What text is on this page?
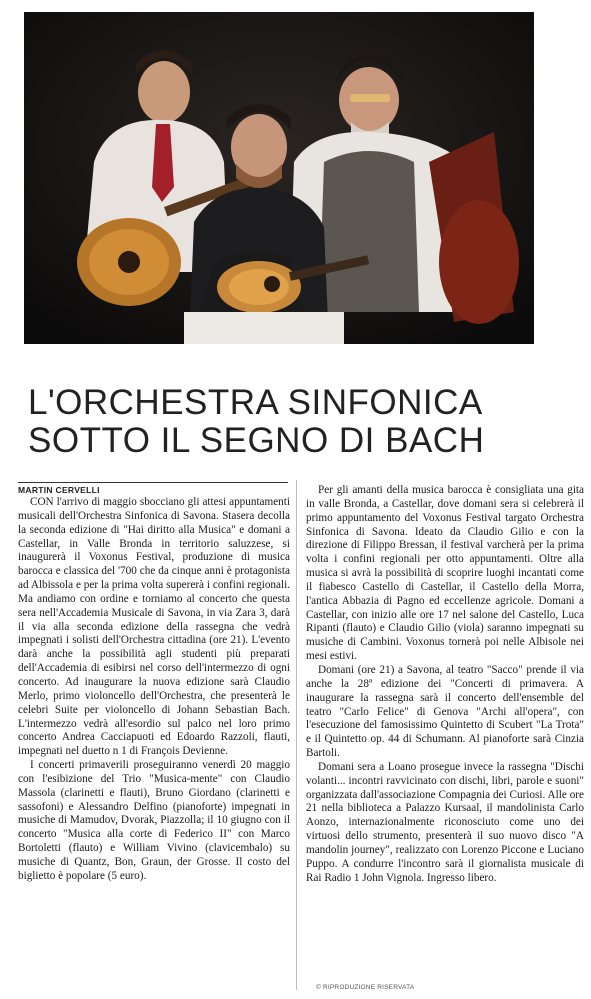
L'ORCHESTRA SINFONICA
SOTTO IL SEGNO DI BACH
MARTIN CERVELLI

CON l'arrivo di maggio sbocciano gli attesi appuntamenti musicali dell'Orchestra Sinfonica di Savona. Stasera decolla la seconda edizione di "Hai diritto alla Musica" e domani a Castellar, in Valle Bronda in territorio saluzzese, si inaugurerà il Voxonus Festival, produzione di musica barocca e classica del '700 che da cinque anni è protagonista ad Albissola e per la prima volta supererà i confini regionali. Ma andiamo con ordine e torniamo al concerto che questa sera nell'Accademia Musicale di Savona, in via Zara 3, darà il via alla seconda edizione della rassegna che vedrà impegnati i solisti dell'Orchestra cittadina (ore 21). L'evento darà anche la possibilità agli studenti più preparati dell'Accademia di esibirsi nel corso dell'intermezzo di ogni concerto. Ad inaugurare la nuova edizione sarà Claudio Merlo, primo violoncello dell'Orchestra, che presenterà le celebri Suite per violoncello di Johann Sebastian Bach. L'intermezzo vedrà all'esordio sul palco nel loro primo concerto Andrea Cacciapuoti ed Edoardo Razzoli, flauti, impegnati nel duetto n 1 di François Devienne.

I concerti primaverili proseguiranno venerdì 20 maggio con l'esibizione del Trio "Musica-mente" con Claudio Massola (clarinetti e flauti), Bruno Giordano (clarinetti e sassofoni) e Alessandro Delfino (pianoforte) impegnati in musiche di Mamudov, Dvorak, Piazzolla; il 10 giugno con il concerto "Musica alla corte di Federico II" con Marco Bortoletti (flauto) e William Vivino (clavicembalo) su musiche di Quantz, Bon, Graun, der Grosse. Il costo del biglietto è popolare (5 euro).

Per gli amanti della musica barocca è consigliata una gita in valle Bronda, a Castellar, dove domani sera si celebrerà il primo appuntamento del Voxonus Festival targato Orchestra Sinfonica di Savona. Ideato da Claudio Gilio e con la direzione di Filippo Bressan, il festival varcherà per la prima volta i confini regionali per otto appuntamenti. Oltre alla musica si avrà la possibilità di scoprire luoghi incantati come il fiabesco Castello di Castellar, il Castello della Morra, l'antica Abbazia di Pagno ed eccellenze agricole. Domani a Castellar, con inizio alle ore 17 nel salone del Castello, Luca Ripanti (flauto) e Claudio Gilio (viola) saranno impegnati su musiche di Cambini. Voxonus tornerà poi nelle Albisole nei mesi estivi.

Domani (ore 21) a Savona, al teatro "Sacco" prende il via anche la 28ª edizione dei "Concerti di primavera. A inaugurare la rassegna sarà il concerto dell'ensemble del teatro "Carlo Felice" di Genova "Archi all'opera", con l'esecuzione del famosissimo Quintetto di Scubert "La Trota" e il Quintetto op. 44 di Schumann. Al pianoforte sarà Cinzia Bartoli.

Domani sera a Loano prosegue invece la rassegna "Dischi volanti... incontri ravvicinato con dischi, libri, parole e suoni" organizzata dall'associazione Compagnia dei Curiosi. Alle ore 21 nella biblioteca a Palazzo Kursaal, il mandolinista Carlo Aonzo, internazionalmente riconosciuto come uno dei virtuosi dello strumento, presenterà il suo nuovo disco "A mandolin journey", realizzato con Lorenzo Piccone e Luciano Puppo. A condurre l'incontro sarà il giornalista musicale di Rai Radio 1 John Vignola. Ingresso libero.

© RIPRODUZIONE RISERVATA
